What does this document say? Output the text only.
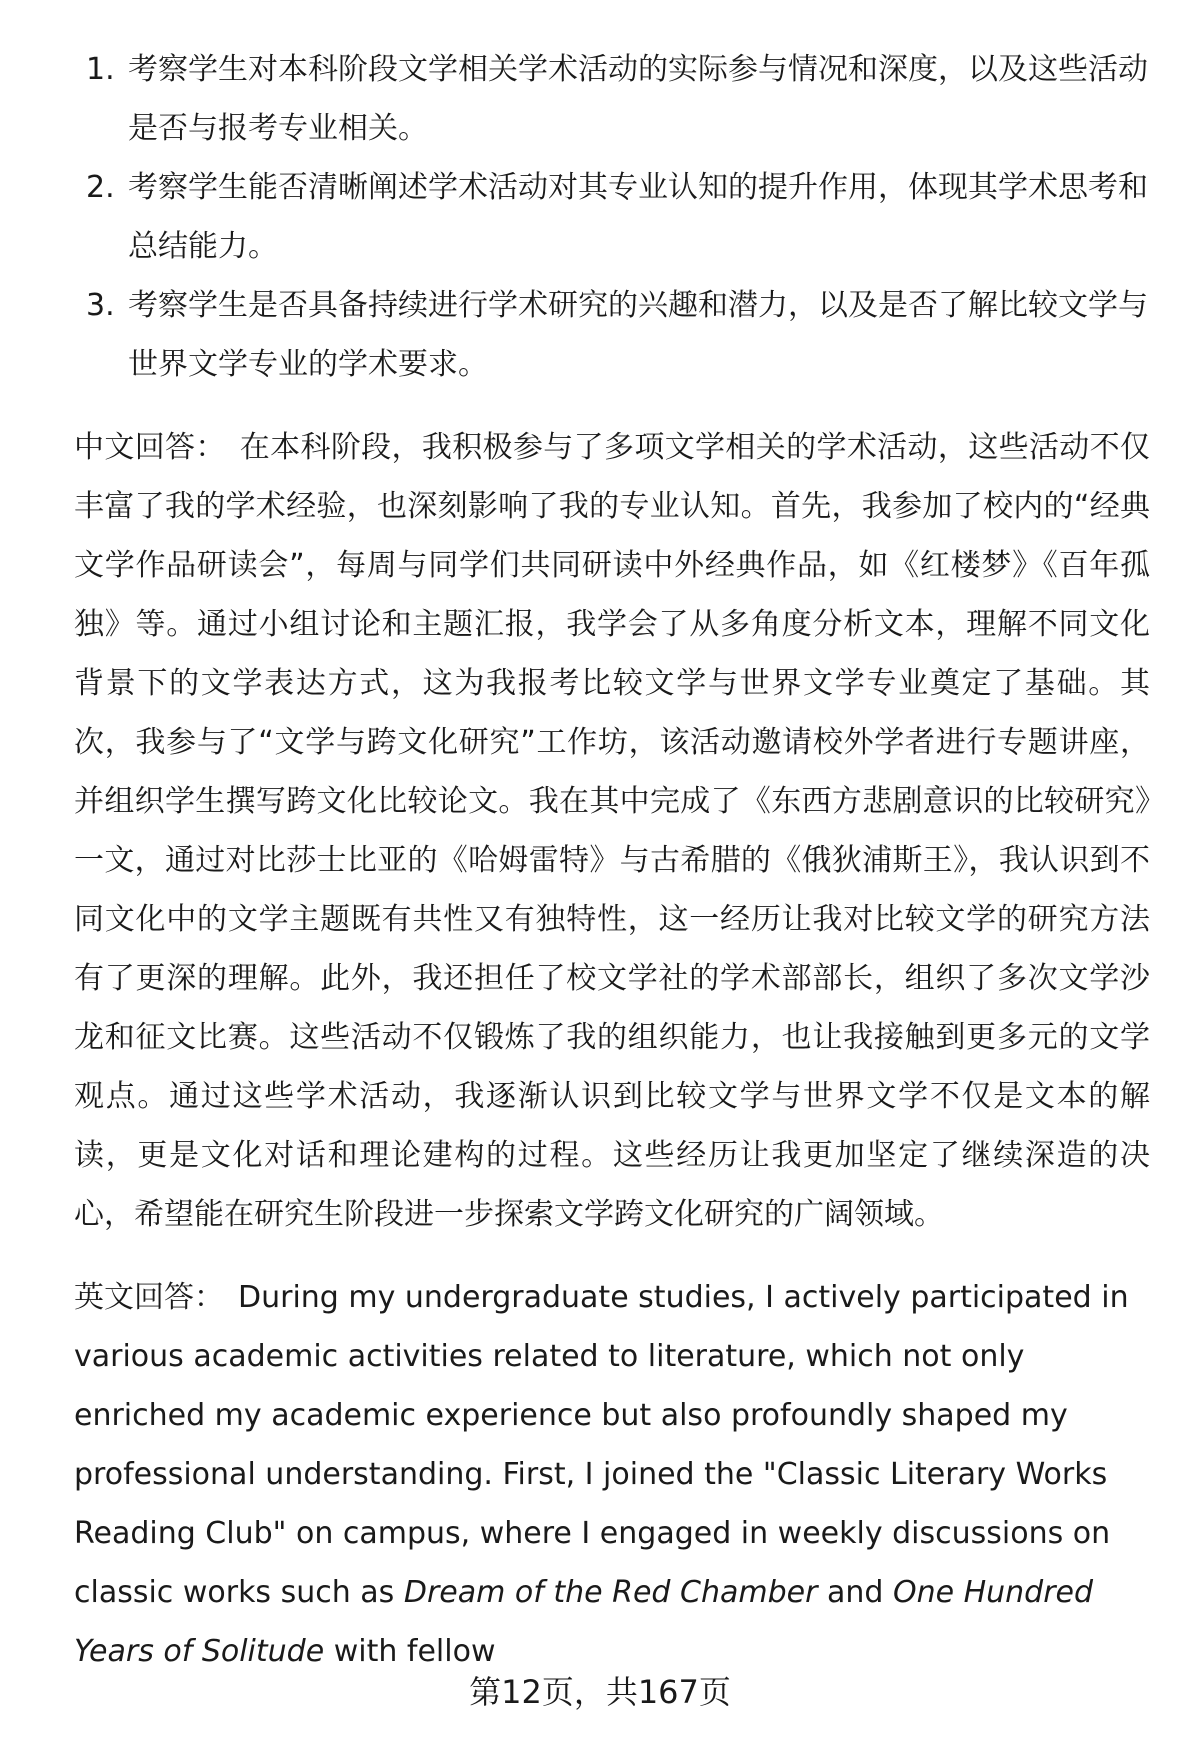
1. 考察学生对本科阶段文学相关学术活动的实际参与情况和深度，以及这些活动是否与报考专业相关。
2. 考察学生能否清晰阐述学术活动对其专业认知的提升作用，体现其学术思考和总结能力。
3. 考察学生是否具备持续进行学术研究的兴趣和潜力，以及是否了解比较文学与世界文学专业的学术要求。

中文回答： 在本科阶段，我积极参与了多项文学相关的学术活动，这些活动不仅丰富了我的学术经验，也深刻影响了我的专业认知。首先，我参加了校内的“经典文学作品研读会”，每周与同学们共同研读中外经典作品，如《红楼梦》《百年孤独》等。通过小组讨论和主题汇报，我学会了从多角度分析文本，理解不同文化背景下的文学表达方式，这为我报考比较文学与世界文学专业奠定了基础。其次，我参与了“文学与跨文化研究”工作坊，该活动邀请校外学者进行专题讲座，并组织学生撰写跨文化比较论文。我在其中完成了《东西方悲剧意识的比较研究》一文，通过对比莎士比亚的《哈姆雷特》与古希腊的《俄狄浦斯王》，我认识到不同文化中的文学主题既有共性又有独特性，这一经历让我对比较文学的研究方法有了更深的理解。此外，我还担任了校文学社的学术部部长，组织了多次文学沙龙和征文比赛。这些活动不仅锻炼了我的组织能力，也让我接触到更多元的文学观点。通过这些学术活动，我逐渐认识到比较文学与世界文学不仅是文本的解读，更是文化对话和理论建构的过程。这些经历让我更加坚定了继续深造的决心，希望能在研究生阶段进一步探索文学跨文化研究的广阔领域。

英文回答： During my undergraduate studies, I actively participated in various academic activities related to literature, which not only enriched my academic experience but also profoundly shaped my professional understanding. First, I joined the "Classic Literary Works Reading Club" on campus, where I engaged in weekly discussions on classic works such as Dream of the Red Chamber and One Hundred Years of Solitude with fellow

第12页，共167页
